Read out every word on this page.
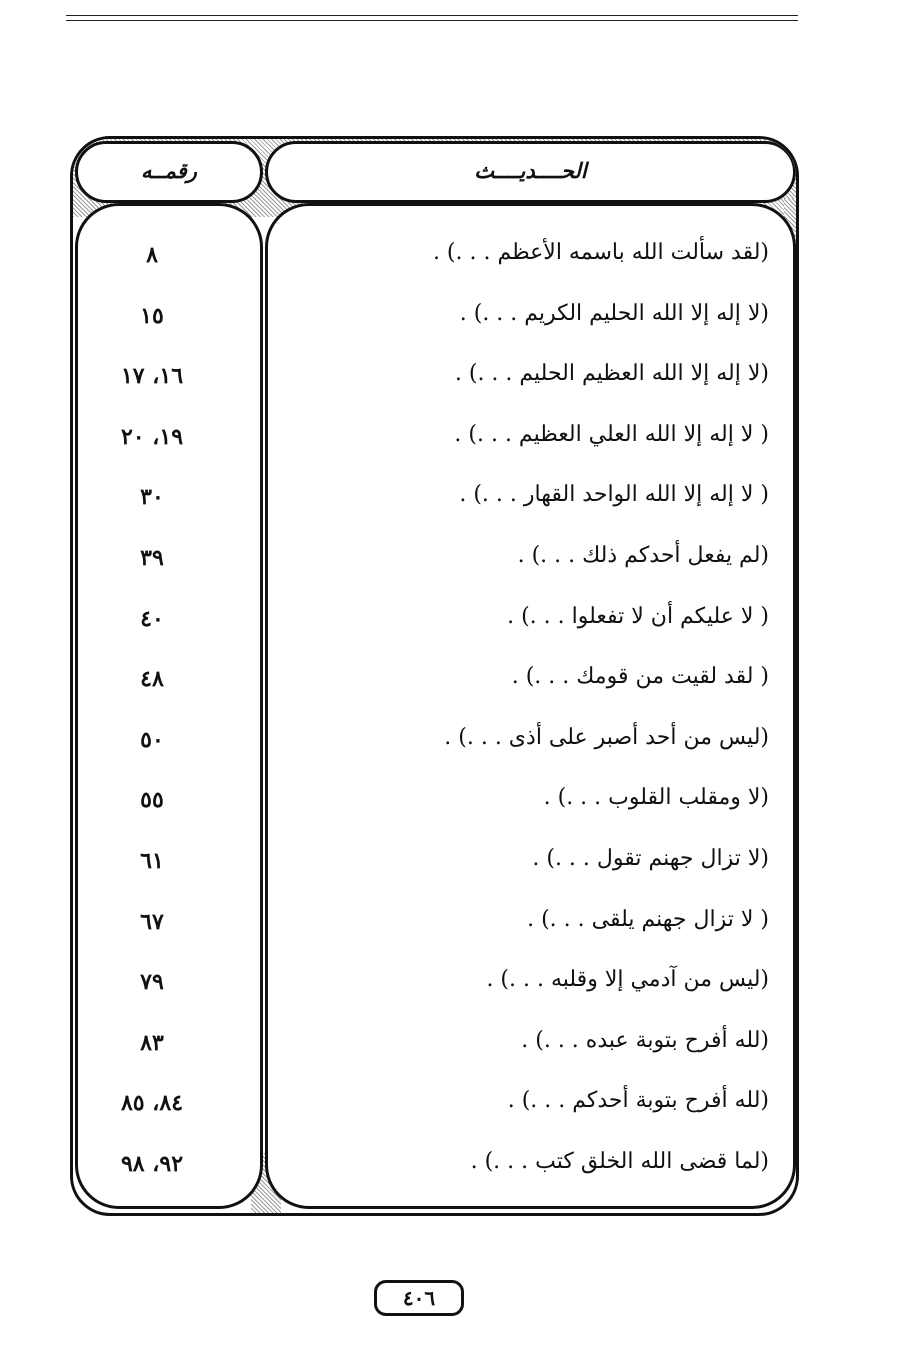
رقمــه	الحــــديــــث
(لقد سألت الله باسمه الأعظم . . .) .
٨
(لا إله إلا الله الحليم الكريم . . .) .
١٥
(لا إله إلا الله العظيم الحليم . . .) .
١٦، ١٧
( لا إله إلا الله العلي العظيم . . .) .
١٩، ٢٠
( لا إله إلا الله الواحد القهار . . .) .
٣٠
(لم يفعل أحدكم ذلك . . .) .
٣٩
( لا عليكم أن لا تفعلوا . . .) .
٤٠
( لقد لقيت من قومك . . .) .
٤٨
(ليس من أحد أصبر على أذى . . .) .
٥٠
(لا ومقلب القلوب . . .) .
٥٥
(لا تزال جهنم تقول . . .) .
٦١
( لا تزال جهنم يلقى . . .) .
٦٧
(ليس من آدمي إلا وقلبه . . .) .
٧٩
(لله أفرح بتوبة عبده . . .) .
٨٣
(لله أفرح بتوبة أحدكم . . .) .
٨٤، ٨٥
(لما قضى الله الخلق كتب . . .) .
٩٢، ٩٨
٤٠٦
